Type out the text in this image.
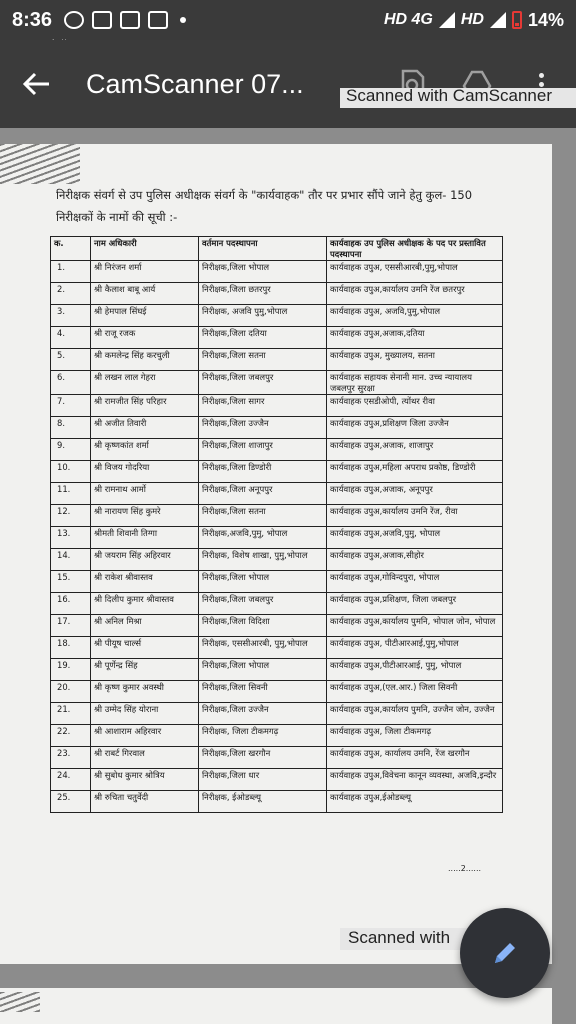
8:36	HD 4G HD 14%
CamScanner 07... Scanned with CamScanner
निरीक्षक संवर्ग से उप पुलिस अधीक्षक संवर्ग के "कार्यवाहक" तौर पर प्रभार सौंपे जाने हेतु कुल- 150 निरीक्षकों के नामों की सूची :-
क.	नाम अधिकारी	वर्तमान पदस्थापना	कार्यवाहक उप पुलिस अधीक्षक के पद पर प्रस्तावित पदस्थापना
1.	श्री निरंजन शर्मा	निरीक्षक,जिला भोपाल	कार्यवाहक उपुअ, एससीआरबी,पुमु,भोपाल
2.	श्री कैलाश बाबू आर्य	निरीक्षक,जिला छतरपुर	कार्यवाहक उपुअ,कार्यालय उमनि रेंज छतरपुर
3.	श्री हेमपाल सिंघई	निरीक्षक, अजवि पुमु,भोपाल	कार्यवाहक उपुअ, अजवि,पुमु,भोपाल
4.	श्री राजू रजक	निरीक्षक,जिला दतिया	कार्यवाहक उपुअ,अजाक,दतिया
5.	श्री कमलेन्द्र सिंह करचुली	निरीक्षक,जिला सतना	कार्यवाहक उपुअ, मुख्यालय, सतना
6.	श्री लखन लाल गेहरा	निरीक्षक,जिला जबलपुर	कार्यवाहक सहायक सेनानी मान. उच्च न्यायालय जबलपुर सुरक्षा
7.	श्री रामजीत सिंह परिहार	निरीक्षक,जिला सागर	कार्यवाहक एसडीओपी, त्योंथर रीवा
8.	श्री अजीत तिवारी	निरीक्षक,जिला उज्जैन	कार्यवाहक उपुअ,प्रशिक्षण जिला उज्जैन
9.	श्री कृष्णकांत शर्मा	निरीक्षक,जिला शाजापुर	कार्यवाहक उपुअ,अजाक, शाजापुर
10.	श्री विजय गोदरिया	निरीक्षक,जिला डिण्डोरी	कार्यवाहक उपुअ,महिला अपराध प्रकोष्ठ, डिण्डोरी
11.	श्री रामनाथ आर्मो	निरीक्षक,जिला अनूपपुर	कार्यवाहक उपुअ,अजाक, अनूपपुर
12.	श्री नारायण सिंह कुमरे	निरीक्षक,जिला सतना	कार्यवाहक उपुअ,कार्यालय उमनि रेंज, रीवा
13.	श्रीमती शिवानी तिग्गा	निरीक्षक,अजवि,पुमु, भोपाल	कार्यवाहक उपुअ,अजवि,पुमु, भोपाल
14.	श्री जयराम सिंह अहिरवार	निरीक्षक, विशेष शाखा, पुमु,भोपाल	कार्यवाहक उपुअ,अजाक,सीहोर
15.	श्री राकेश श्रीवास्तव	निरीक्षक,जिला भोपाल	कार्यवाहक उपुअ,गोविन्दपुरा, भोपाल
16.	श्री दिलीप कुमार श्रीवास्तव	निरीक्षक,जिला जबलपुर	कार्यवाहक उपुअ,प्रशिक्षण, जिला जबलपुर
17.	श्री अनिल मिश्रा	निरीक्षक,जिला विदिशा	कार्यवाहक उपुअ,कार्यालय पुमनि, भोपाल जोन, भोपाल
18.	श्री पीयूष चार्ल्स	निरीक्षक, एससीआरबी, पुमु,भोपाल	कार्यवाहक उपुअ, पीटीआरआई,पुमु,भोपाल
19.	श्री पूर्णेन्द्र सिंह	निरीक्षक,जिला भोपाल	कार्यवाहक उपुअ,पीटीआरआई, पुमु, भोपाल
20.	श्री कृष्ण कुमार अवस्थी	निरीक्षक,जिला सिवनी	कार्यवाहक उपुअ,(एल.आर.) जिला सिवनी
21.	श्री उम्मेद सिंह योराना	निरीक्षक,जिला उज्जैन	कार्यवाहक उपुअ,कार्यालय पुमनि, उज्जैन जोन, उज्जैन
22.	श्री आशाराम अहिरवार	निरीक्षक, जिला टीकमगढ़	कार्यवाहक उपुअ, जिला टीकमगढ़
23.	श्री राबर्ट गिरवाल	निरीक्षक,जिला खरगौन	कार्यवाहक उपुअ, कार्यालय उमनि, रेंज खरगौन
24.	श्री सुबोध कुमार श्रोत्रिय	निरीक्षक,जिला धार	कार्यवाहक उपुअ,विवेचना कानून व्यवस्था, अजवि,इन्दौर
25.	श्री रुचिता चतुर्वेदी	निरीक्षक, ईओडब्ल्यू	कार्यवाहक उपुअ,ईओडब्ल्यू
.....2......
Scanned with
